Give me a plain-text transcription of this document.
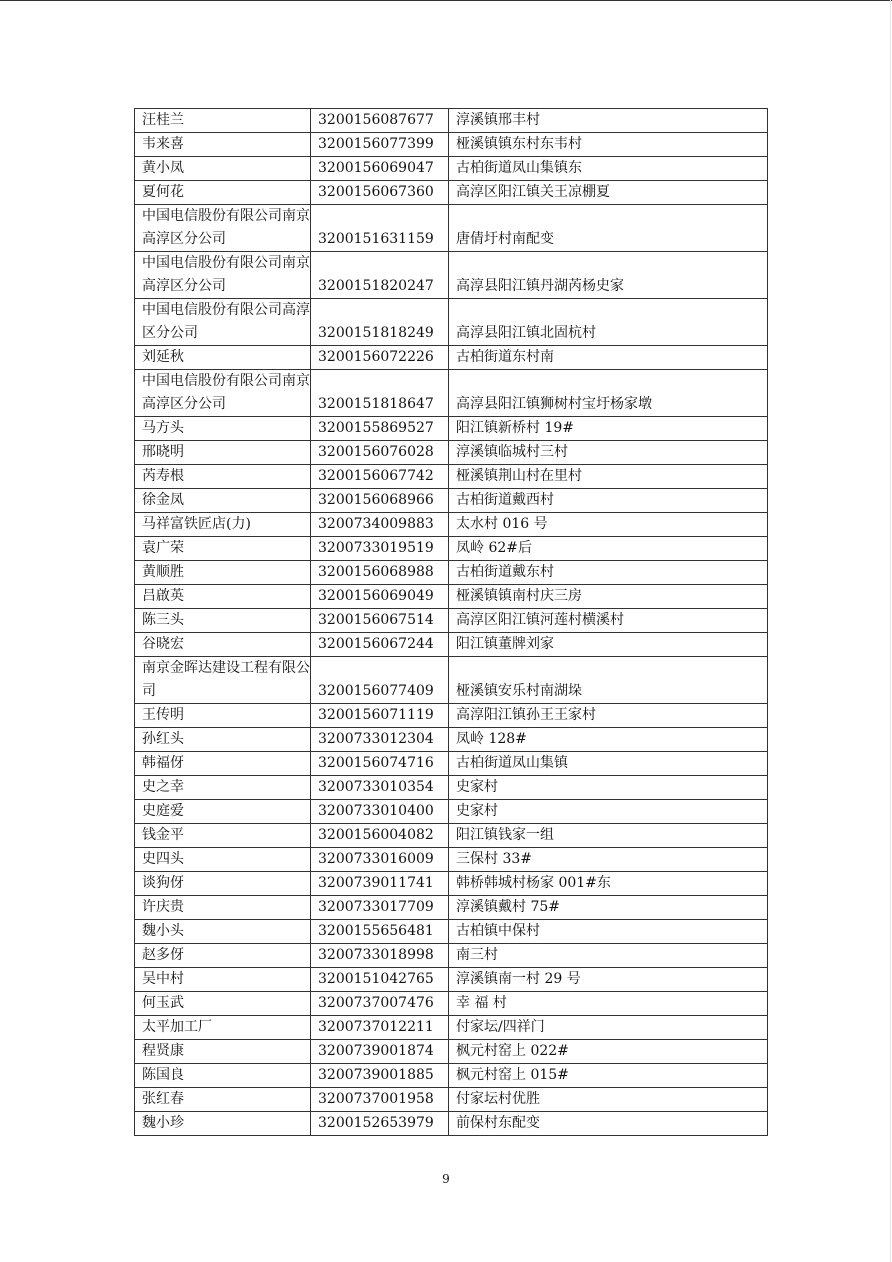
汪桂兰	3200156087677	淳溪镇邢丰村
韦来喜	3200156077399	桠溪镇镇东村东韦村
黄小凤	3200156069047	古柏街道凤山集镇东
夏何花	3200156067360	高淳区阳江镇关王凉棚夏
中国电信股份有限公司南京高淳区分公司	3200151631159	唐倩圩村南配变
中国电信股份有限公司南京高淳区分公司	3200151820247	高淳县阳江镇丹湖芮杨史家
中国电信股份有限公司高淳区分公司	3200151818249	高淳县阳江镇北固杭村
刘延秋	3200156072226	古柏街道东村南
中国电信股份有限公司南京高淳区分公司	3200151818647	高淳县阳江镇狮树村宝圩杨家墩
马方头	3200155869527	阳江镇新桥村 19#
邢晓明	3200156076028	淳溪镇临城村三村
芮寿根	3200156067742	桠溪镇荆山村在里村
徐金凤	3200156068966	古柏街道戴西村
马祥富铁匠店(力)	3200734009883	太水村 016 号
袁广荣	3200733019519	凤岭 62#后
黄顺胜	3200156068988	古柏街道戴东村
吕啟英	3200156069049	桠溪镇镇南村庆三房
陈三头	3200156067514	高淳区阳江镇河莲村横溪村
谷晓宏	3200156067244	阳江镇董牌刘家
南京金晖达建设工程有限公司	3200156077409	桠溪镇安乐村南湖垛
王传明	3200156071119	高淳阳江镇孙王王家村
孙红头	3200733012304	凤岭 128#
韩福伢	3200156074716	古柏街道凤山集镇
史之幸	3200733010354	史家村
史庭爱	3200733010400	史家村
钱金平	3200156004082	阳江镇钱家一组
史四头	3200733016009	三保村 33#
谈狗伢	3200739011741	韩桥韩城村杨家 001#东
许庆贵	3200733017709	淳溪镇戴村 75#
魏小头	3200155656481	古柏镇中保村
赵多伢	3200733018998	南三村
吴中村	3200151042765	淳溪镇南一村 29 号
何玉武	3200737007476	幸 福 村
太平加工厂	3200737012211	付家坛/四祥门
程贤康	3200739001874	枫元村窑上 022#
陈国良	3200739001885	枫元村窑上 015#
张红春	3200737001958	付家坛村优胜
魏小珍	3200152653979	前保村东配变
9
